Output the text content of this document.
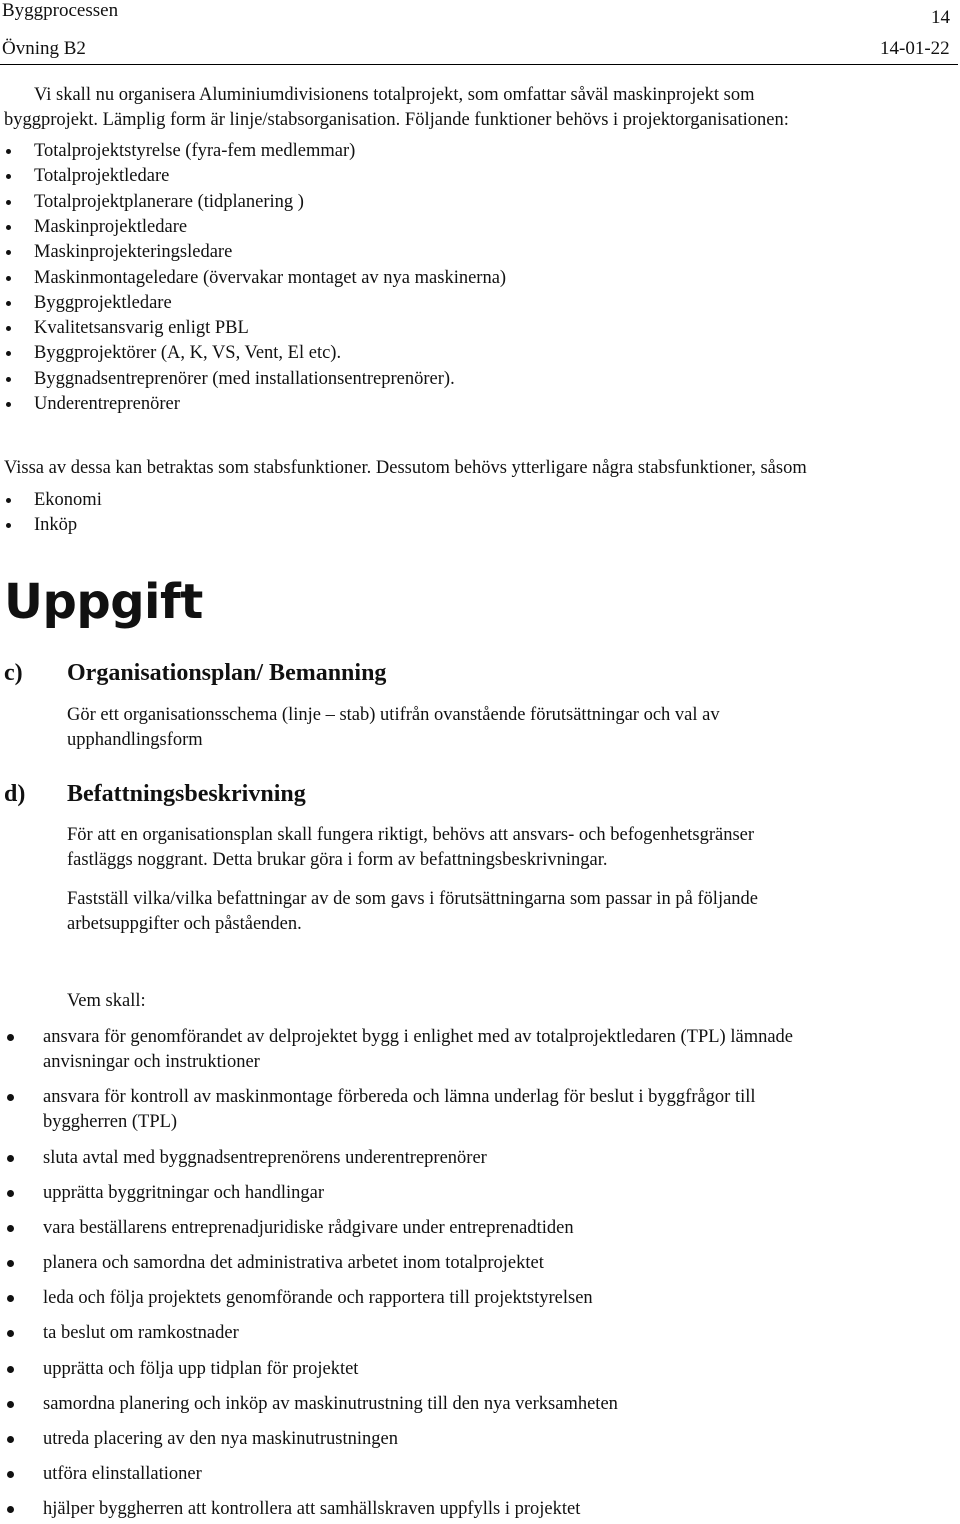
Byggprocessen
Övning B2
14
14-01-22
Vi skall nu organisera Aluminiumdivisionens totalprojekt, som omfattar såväl maskinprojekt som
byggprojekt. Lämplig form är linje/stabsorganisation. Följande funktioner behövs i projektorganisationen:
Totalprojektstyrelse (fyra-fem medlemmar)
Totalprojektledare
Totalprojektplanerare (tidplanering )
Maskinprojektledare
Maskinprojekteringsledare
Maskinmontageledare (övervakar montaget av nya maskinerna)
Byggprojektledare
Kvalitetsansvarig enligt PBL
Byggprojektörer (A, K, VS, Vent, El etc).
Byggnadsentreprenörer (med installationsentreprenörer).
Underentreprenörer
Vissa av dessa kan betraktas som stabsfunktioner. Dessutom behövs ytterligare några stabsfunktioner, såsom
Ekonomi
Inköp
Uppgift
c) Organisationsplan/ Bemanning
Gör ett organisationsschema (linje – stab) utifrån ovanstående förutsättningar och val av
upphandlingsform
d) Befattningsbeskrivning
För att en organisationsplan skall fungera riktigt, behövs att ansvars- och befogenhetsgränser
fastläggs noggrant. Detta brukar göra i form av befattningsbeskrivningar.
Fastställ vilka/vilka befattningar av de som gavs i förutsättningarna som passar in på följande
arbetsuppgifter och påståenden.
Vem skall:
ansvara för genomförandet av delprojektet bygg i enlighet med av totalprojektledaren (TPL) lämnade
anvisningar och instruktioner
ansvara för kontroll av maskinmontage förbereda och lämna underlag för beslut i byggfrågor till
byggherren (TPL)
sluta avtal med byggnadsentreprenörens underentreprenörer
upprätta byggritningar och handlingar
vara beställarens entreprenadjuridiske rådgivare under entreprenadtiden
planera och samordna det administrativa arbetet inom totalprojektet
leda och följa projektets genomförande och rapportera till projektstyrelsen
ta beslut om ramkostnader
upprätta och följa upp tidplan för projektet
samordna planering och inköp av maskinutrustning till den nya verksamheten
utreda placering av den nya maskinutrustningen
utföra elinstallationer
hjälper byggherren att kontrollera att samhällskraven uppfylls i projektet
